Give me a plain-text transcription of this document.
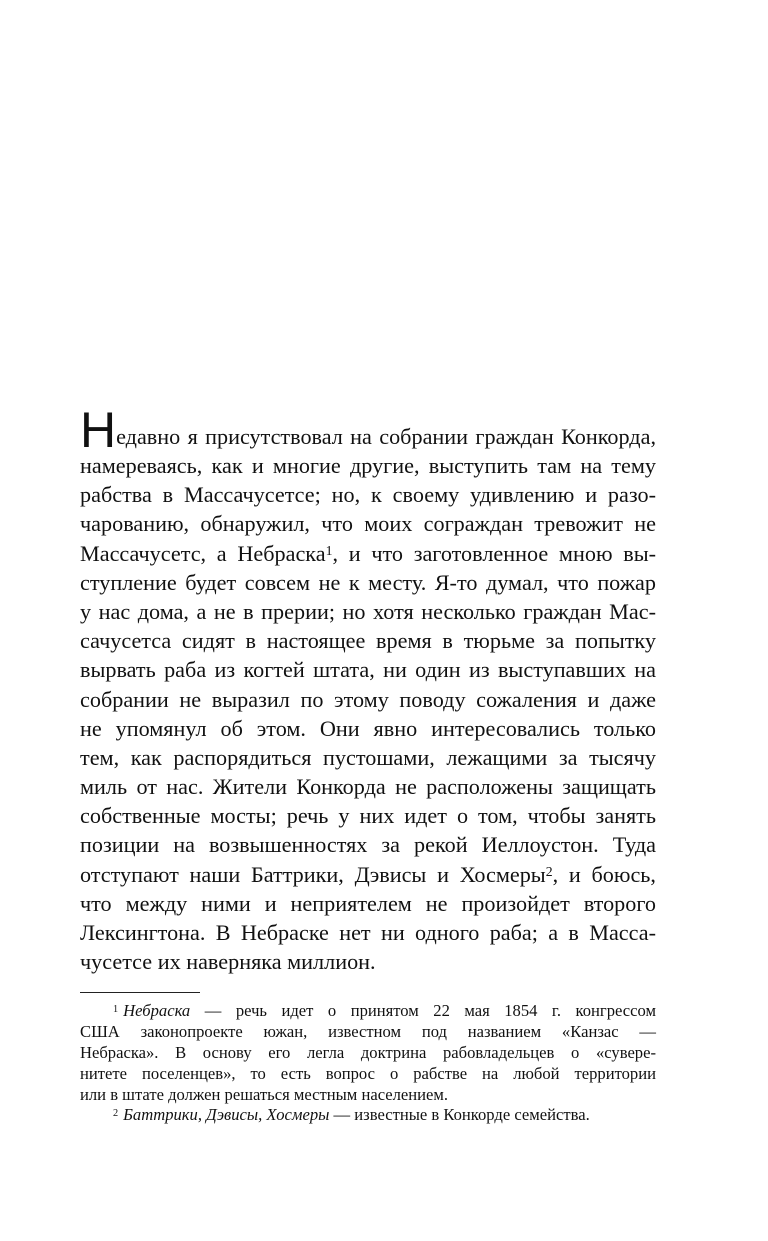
Недавно я присутствовал на собрании граждан Конкорда,
намереваясь, как и многие другие, выступить там на тему
рабства в Массачусетсе; но, к своему удивлению и разо-
чарованию, обнаружил, что моих сограждан тревожит не
Массачусетс, а Небраска$^1$, и что заготовленное мною вы-
ступление будет совсем не к месту. Я-то думал, что пожар
у нас дома, а не в прерии; но хотя несколько граждан Мас-
сачусетса сидят в настоящее время в тюрьме за попытку
вырвать раба из когтей штата, ни один из выступавших на
собрании не выразил по этому поводу сожаления и даже
не упомянул об этом. Они явно интересовались только
тем, как распорядиться пустошами, лежащими за тысячу
миль от нас. Жители Конкорда не расположены защищать
собственные мосты; речь у них идет о том, чтобы занять
позиции на возвышенностях за рекой Иеллоустон. Туда
отступают наши Баттрики, Дэвисы и Хосмеры$^2$, и боюсь,
что между ними и неприятелем не произойдет второго
Лексингтона. В Небраске нет ни одного раба; а в Масса-
чусетсе их наверняка миллион.
$^1$ Небраска — речь идет о принятом 22 мая 1854 г. конгрессом
США законопроекте южан, известном под названием «Канзас —
Небраска». В основу его легла доктрина рабовладельцев о «сувере-
нитете поселенцев», то есть вопрос о рабстве на любой территории
или в штате должен решаться местным населением.
$^2$ Баттрики, Дэвисы, Хосмеры — известные в Конкорде семейства.
